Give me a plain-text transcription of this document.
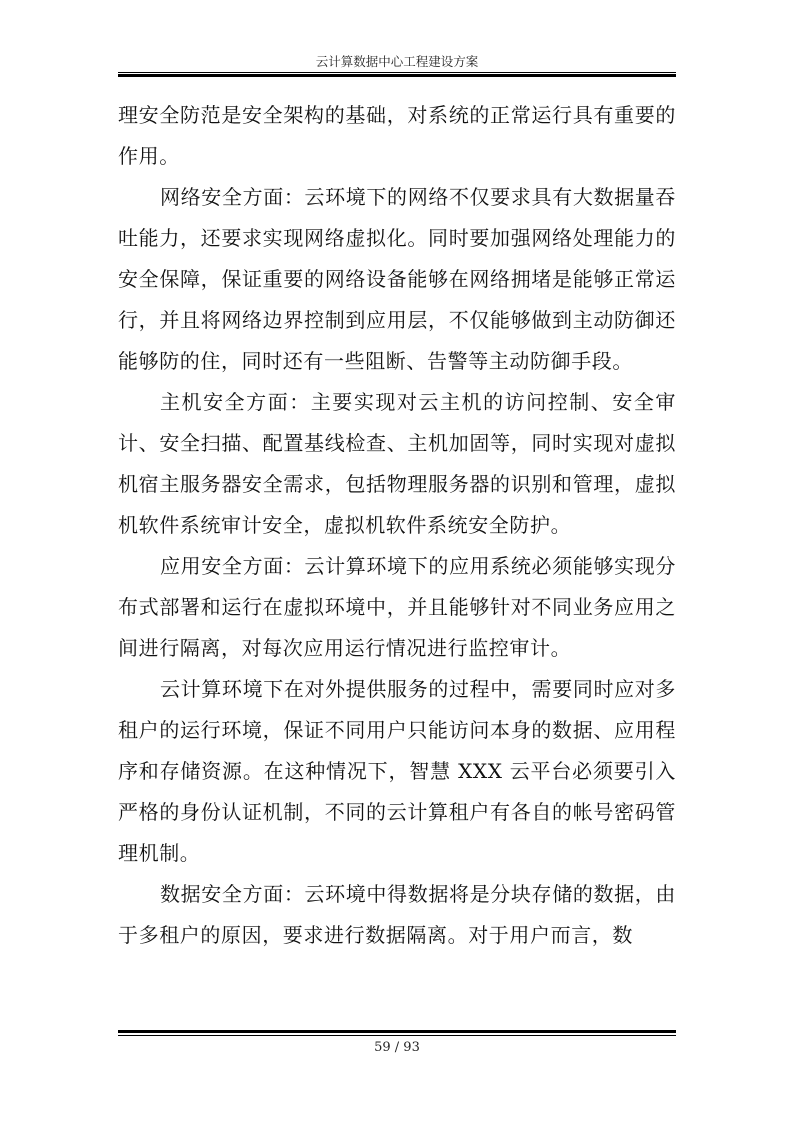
云计算数据中心工程建设方案

理安全防范是安全架构的基础，对系统的正常运行具有重要的作用。

网络安全方面：云环境下的网络不仅要求具有大数据量吞吐能力，还要求实现网络虚拟化。同时要加强网络处理能力的安全保障，保证重要的网络设备能够在网络拥堵是能够正常运行，并且将网络边界控制到应用层，不仅能够做到主动防御还能够防的住，同时还有一些阻断、告警等主动防御手段。

主机安全方面：主要实现对云主机的访问控制、安全审计、安全扫描、配置基线检查、主机加固等，同时实现对虚拟机宿主服务器安全需求，包括物理服务器的识别和管理，虚拟机软件系统审计安全，虚拟机软件系统安全防护。

应用安全方面：云计算环境下的应用系统必须能够实现分布式部署和运行在虚拟环境中，并且能够针对不同业务应用之间进行隔离，对每次应用运行情况进行监控审计。

云计算环境下在对外提供服务的过程中，需要同时应对多租户的运行环境，保证不同用户只能访问本身的数据、应用程序和存储资源。在这种情况下，智慧 XXX 云平台必须要引入严格的身份认证机制，不同的云计算租户有各自的帐号密码管理机制。

数据安全方面：云环境中得数据将是分块存储的数据，由于多租户的原因，要求进行数据隔离。对于用户而言，数

59 / 93
